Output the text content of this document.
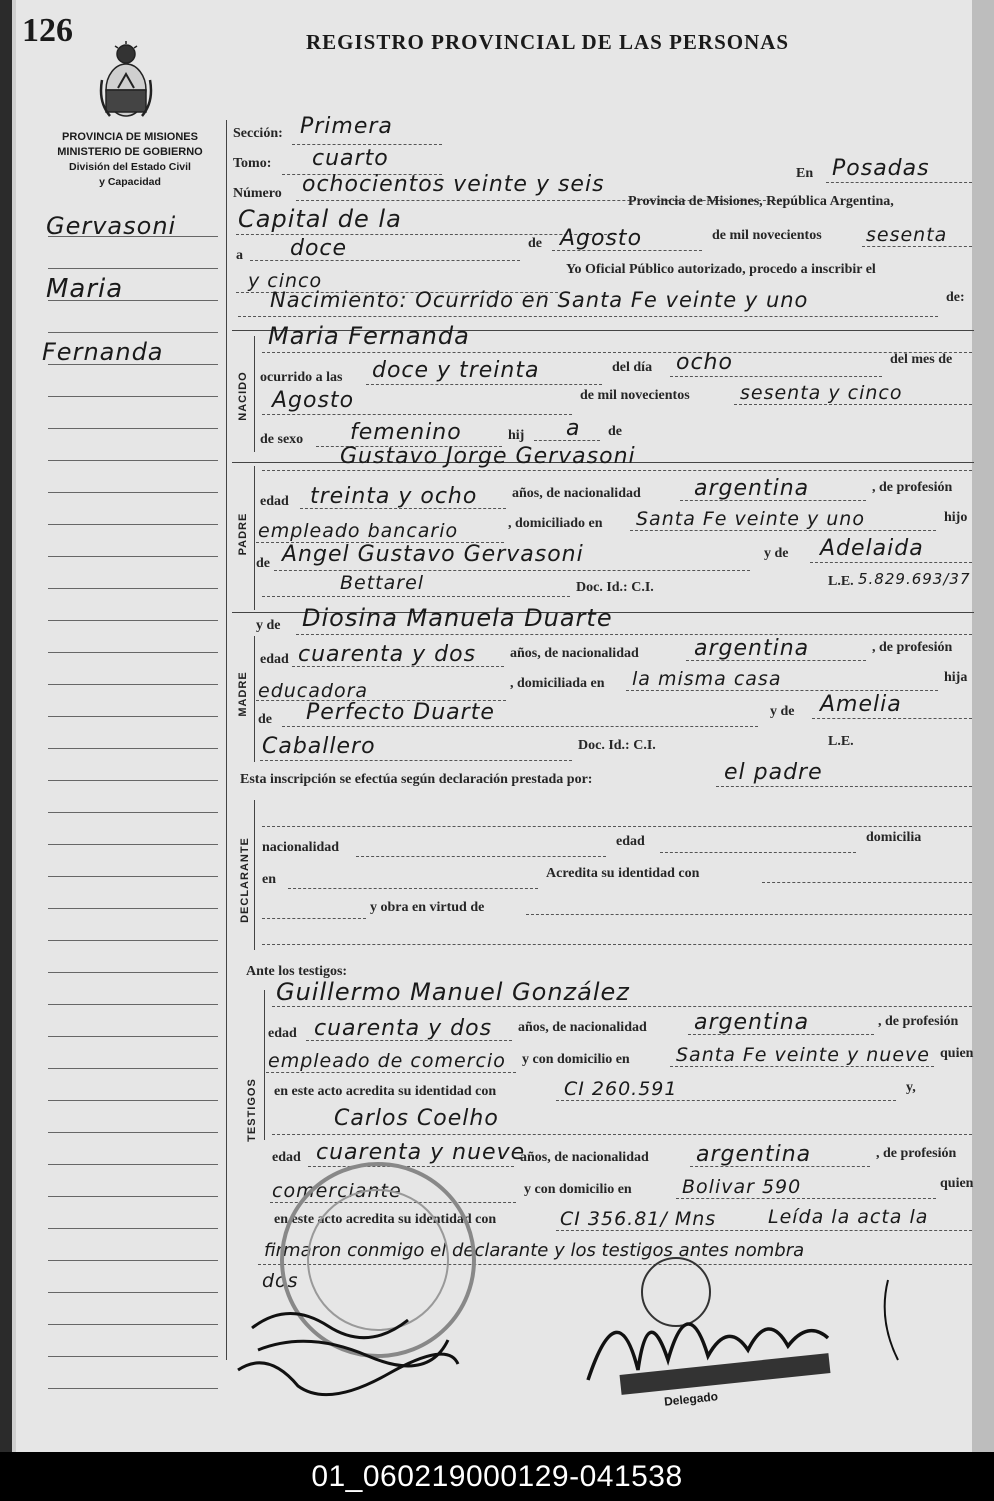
126	REGISTRO PROVINCIAL DE LAS PERSONAS
PROVINCIA DE MISIONES
MINISTERIO DE GOBIERNO
División del Estado Civil
y Capacidad
Gervasoni
Maria
Fernanda
Sección: Primera
Tomo: cuarto
Número ochocientos veinte y seis	En Posadas
Capital de la
Provincia de Misiones, República Argentina,
a doce	de Agosto	de mil novecientos sesenta
y cinco
Yo Oficial Público autorizado, procedo a inscribir el
Nacimiento: Ocurrido en Santa Fe veinte y uno	de:
NACIDO
Maria Fernanda
ocurrido a las doce y treinta	del día ocho	del mes de
Agosto	de mil novecientos	sesenta y cinco
de sexo femenino	hij a de
PADRE
Gustavo Jorge Gervasoni
edad treinta y ocho años, de nacionalidad argentina	, de profesión
empleado bancario	, domiciliado en Santa Fe veinte y uno	hijo
de Angel Gustavo Gervasoni	y de Adelaida
Bettarel	Doc. Id.: C.I.	L.E. 5.829.693/37
MADRE
y de Diosina Manuela Duarte
edad cuarenta y dos años, de nacionalidad	argentina	, de profesión
educadora	, domiciliada en la misma casa	hija
de Perfecto Duarte	y de Amelia
Caballero	Doc. Id.: C.I.	L.E.
Esta inscripción se efectúa según declaración prestada por:	el padre
DECLARANTE nacionalidad	edad	domicilia
en	Acredita su identidad con
y obra en virtud de
Ante los testigos:
TESTIGOS
Guillermo Manuel González
edad cuarenta y dos años, de nacionalidad argentina	, de profesión
empleado de comercio y con domicilio en Santa Fe veinte y nueve quien
en este acto acredita su identidad con	CI 260.591	y,
Carlos Coelho
edad cuarenta y nueve
años, de nacionalidad argentina	, de profesión
comerciante	y con domicilio en	Bolivar 590	quien
en este acto acredita su identidad con	CI 356.81/ Mns	Leída la acta la
firmaron conmigo el declarante y los testigos antes nombra
dos
Delegado
01_060219000129-041538
